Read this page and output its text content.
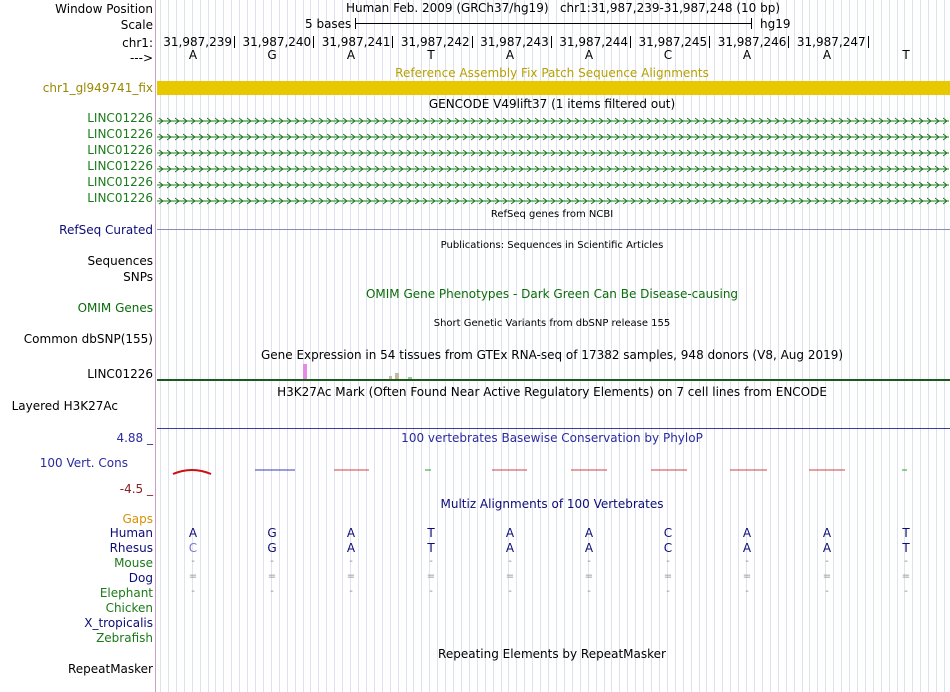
Window Position	Human Feb. 2009 (GRCh37/hg19)   chr1:31,987,239-31,987,248 (10 bp)
Scale	5 bases	hg19
chr1: 31,987,239 31,987,240 31,987,241 31,987,242 31,987,243 31,987,244 31,987,245 31,987,246 31,987,247
--->	A	G	A	T	A	A	C	A	A	T
Reference Assembly Fix Patch Sequence Alignments
chr1_gl949741_fix
GENCODE V49lift37 (1 items filtered out)
LINC01226
LINC01226
LINC01226
LINC01226
LINC01226
LINC01226
RefSeq genes from NCBI
RefSeq Curated
Publications: Sequences in Scientific Articles
Sequences
SNPs
OMIM Gene Phenotypes - Dark Green Can Be Disease-causing
OMIM Genes
Short Genetic Variants from dbSNP release 155
Common dbSNP(155)
Gene Expression in 54 tissues from GTEx RNA-seq of 17382 samples, 948 donors (V8, Aug 2019)
LINC01226
H3K27Ac Mark (Often Found Near Active Regulatory Elements) on 7 cell lines from ENCODE
Layered H3K27Ac
100 vertebrates Basewise Conservation by PhyloP
4.88 _
100 Vert. Cons
-4.5 _
Multiz Alignments of 100 Vertebrates
Gaps
Human	A	G	A	T	A	A	C	A	A	T
Rhesus	C	G	A	T	A	A	C	A	A	T
Mouse	-	-	-	-	-	-	-	-	-	-
Dog	=	=	=	=	=	=	=	=	=	=
Elephant	-	-	-	-	-	-	-	-	-	-
Chicken
X_tropicalis
Zebrafish
Repeating Elements by RepeatMasker
RepeatMasker
